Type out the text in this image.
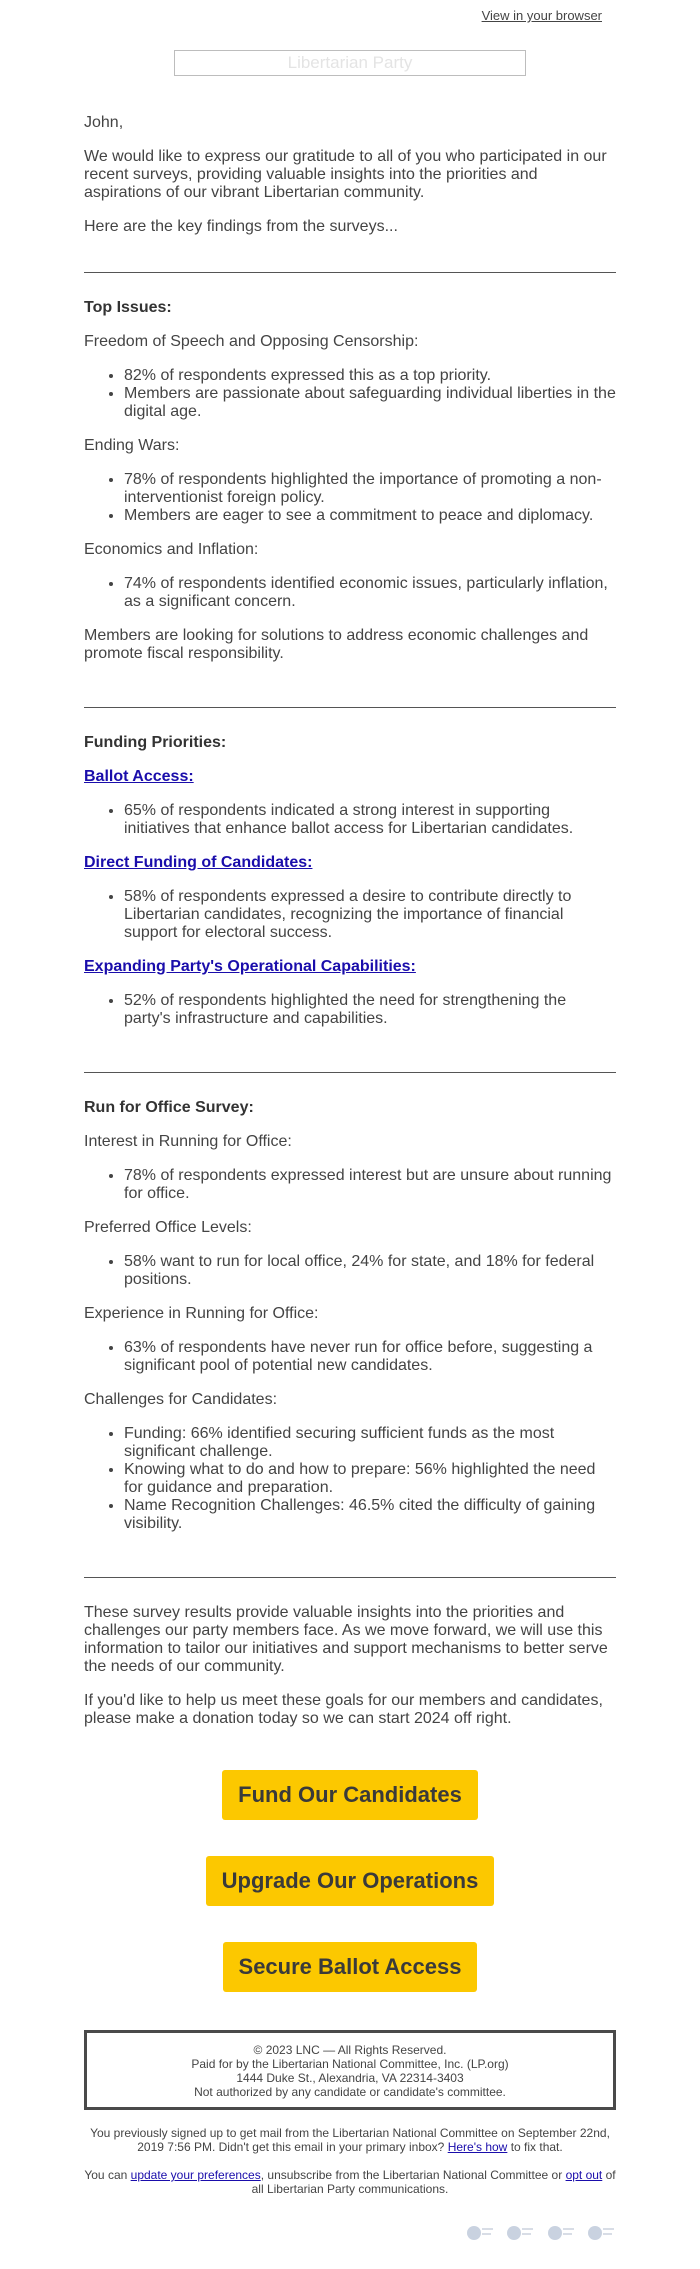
View in your browser
Libertarian Party

John,

We would like to express our gratitude to all of you who participated in our recent surveys, providing valuable insights into the priorities and aspirations of our vibrant Libertarian community.

Here are the key findings from the surveys...

Top Issues:

Freedom of Speech and Opposing Censorship:

• 82% of respondents expressed this as a top priority.
• Members are passionate about safeguarding individual liberties in the digital age.

Ending Wars:

• 78% of respondents highlighted the importance of promoting a non-interventionist foreign policy.
• Members are eager to see a commitment to peace and diplomacy.

Economics and Inflation:

• 74% of respondents identified economic issues, particularly inflation, as a significant concern.

Members are looking for solutions to address economic challenges and promote fiscal responsibility.

Funding Priorities:

Ballot Access:

• 65% of respondents indicated a strong interest in supporting initiatives that enhance ballot access for Libertarian candidates.

Direct Funding of Candidates:

• 58% of respondents expressed a desire to contribute directly to Libertarian candidates, recognizing the importance of financial support for electoral success.

Expanding Party's Operational Capabilities:

• 52% of respondents highlighted the need for strengthening the party's infrastructure and capabilities.

Run for Office Survey:

Interest in Running for Office:

• 78% of respondents expressed interest but are unsure about running for office.

Preferred Office Levels:

• 58% want to run for local office, 24% for state, and 18% for federal positions.

Experience in Running for Office:

• 63% of respondents have never run for office before, suggesting a significant pool of potential new candidates.

Challenges for Candidates:

• Funding: 66% identified securing sufficient funds as the most significant challenge.
• Knowing what to do and how to prepare: 56% highlighted the need for guidance and preparation.
• Name Recognition Challenges: 46.5% cited the difficulty of gaining visibility.

These survey results provide valuable insights into the priorities and challenges our party members face. As we move forward, we will use this information to tailor our initiatives and support mechanisms to better serve the needs of our community.

If you'd like to help us meet these goals for our members and candidates, please make a donation today so we can start 2024 off right.

Fund Our Candidates
Upgrade Our Operations
Secure Ballot Access
© 2023 LNC — All Rights Reserved.
Paid for by the Libertarian National Committee, Inc. (LP.org)
1444 Duke St., Alexandria, VA 22314-3403
Not authorized by any candidate or candidate's committee.

You previously signed up to get mail from the Libertarian National Committee on September 22nd, 2019 7:56 PM. Didn't get this email in your primary inbox? Here's how to fix that.

You can update your preferences, unsubscribe from the Libertarian National Committee or opt out of all Libertarian Party communications.
